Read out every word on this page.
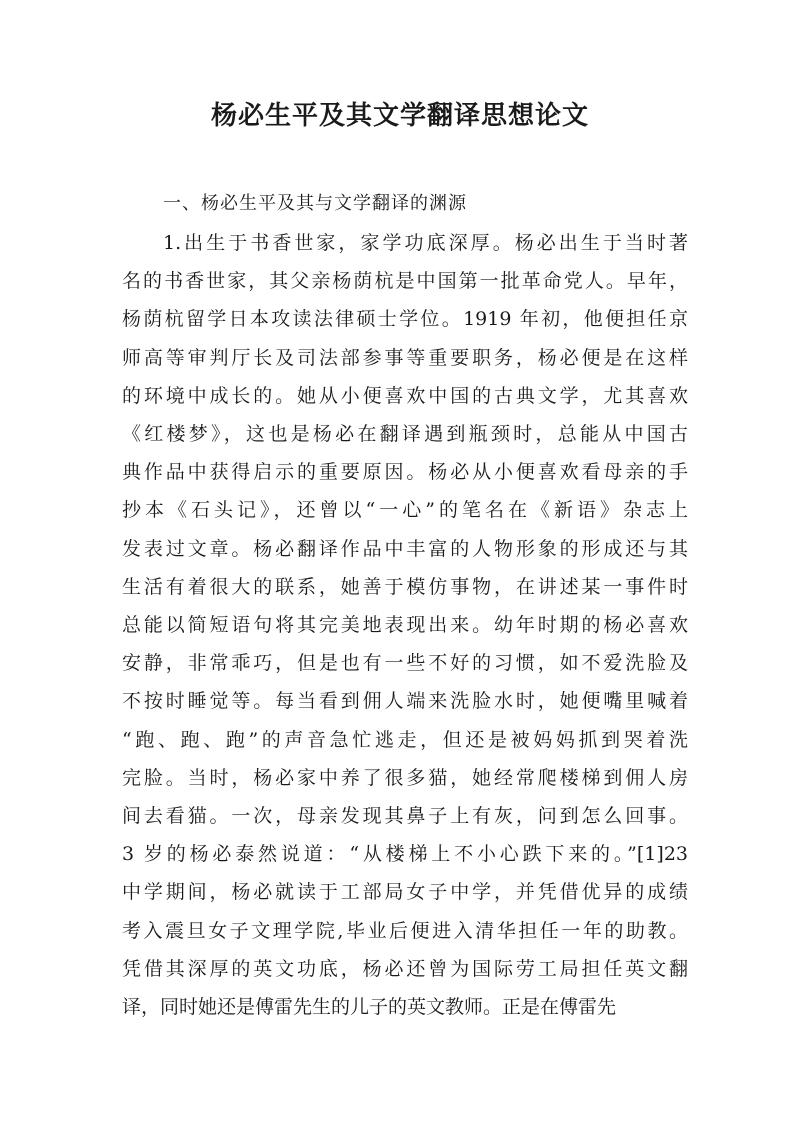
杨必生平及其文学翻译思想论文

一、杨必生平及其与文学翻译的渊源

1.出生于书香世家，家学功底深厚。杨必出生于当时著
名的书香世家，其父亲杨荫杭是中国第一批革命党人。早年，
杨荫杭留学日本攻读法律硕士学位。1919 年初，他便担任京
师高等审判厅长及司法部参事等重要职务，杨必便是在这样
的环境中成长的。她从小便喜欢中国的古典文学，尤其喜欢
《红楼梦》，这也是杨必在翻译遇到瓶颈时，总能从中国古
典作品中获得启示的重要原因。杨必从小便喜欢看母亲的手
抄本《石头记》，还曾以“一心”的笔名在《新语》杂志上
发表过文章。杨必翻译作品中丰富的人物形象的形成还与其
生活有着很大的联系，她善于模仿事物，在讲述某一事件时
总能以简短语句将其完美地表现出来。幼年时期的杨必喜欢
安静，非常乖巧，但是也有一些不好的习惯，如不爱洗脸及
不按时睡觉等。每当看到佣人端来洗脸水时，她便嘴里喊着
“跑、跑、跑”的声音急忙逃走，但还是被妈妈抓到哭着洗
完脸。当时，杨必家中养了很多猫，她经常爬楼梯到佣人房
间去看猫。一次，母亲发现其鼻子上有灰，问到怎么回事。
3 岁的杨必泰然说道：“从楼梯上不小心跌下来的。”[1]23
中学期间，杨必就读于工部局女子中学，并凭借优异的成绩
考入震旦女子文理学院,毕业后便进入清华担任一年的助教。
凭借其深厚的英文功底，杨必还曾为国际劳工局担任英文翻
译，同时她还是傅雷先生的儿子的英文教师。正是在傅雷先
